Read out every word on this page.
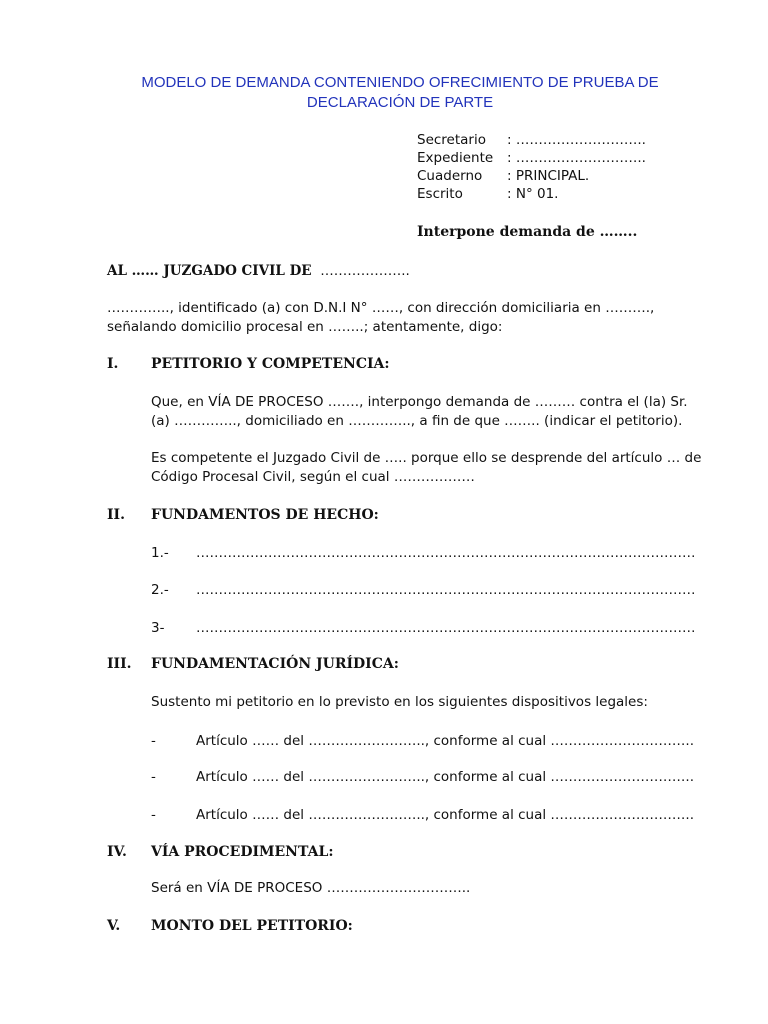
MODELO DE DEMANDA CONTENIENDO OFRECIMIENTO DE PRUEBA DE
DECLARACIÓN DE PARTE
Secretario : ………………………..
Expediente : ………………………..
Cuaderno : PRINCIPAL.
Escrito	: N° 01.
Interpone demanda de ……..
AL …… JUZGADO CIVIL DE ………………..
………….., identificado (a) con D.N.I N° ……, con dirección domiciliaria en ……….,
señalando domicilio procesal en ……..; atentamente, digo:
I. PETITORIO Y COMPETENCIA:
Que, en VÍA DE PROCESO ……., interpongo demanda de ……… contra el (la) Sr.
(a) ………….., domiciliado en ………….., a fin de que …….. (indicar el petitorio).
Es competente el Juzgado Civil de ….. porque ello se desprende del artículo … de
Código Procesal Civil, según el cual ………………
II. FUNDAMENTOS DE HECHO:
1.- …………………………………………………………………………………………………
2.- …………………………………………………………………………………………………
3- …………………………………………………………………………………………………
III. FUNDAMENTACIÓN JURÍDICA:
Sustento mi petitorio en lo previsto en los siguientes dispositivos legales:
-	Artículo …… del …………………….., conforme al cual …………………………..
-	Artículo …… del …………………….., conforme al cual …………………………..
-	Artículo …… del …………………….., conforme al cual …………………………..
IV. VÍA PROCEDIMENTAL:
Será en VÍA DE PROCESO …………………………..
V. MONTO DEL PETITORIO:
